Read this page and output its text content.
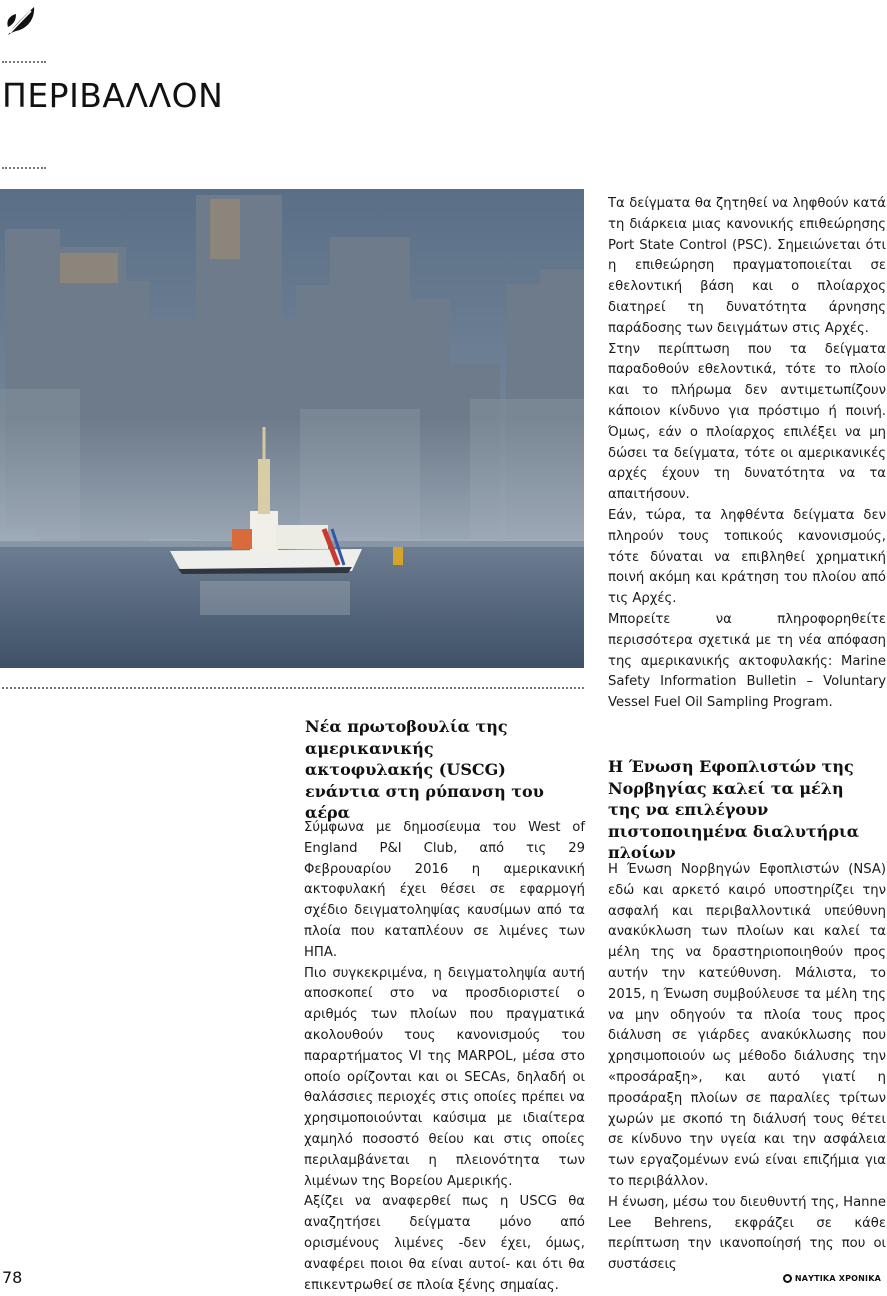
ΠΕΡΙΒΑΛΛΟΝ
Νέα πρωτοβουλία της αμερικανικής ακτοφυλακής (USCG) ενάντια στη ρύπανση του αέρα

Σύμφωνα με δημοσίευμα του West of England P&I Club, από τις 29 Φεβρουαρίου 2016 η αμερικανική ακτοφυλακή έχει θέσει σε εφαρμογή σχέδιο δειγματοληψίας καυσίμων από τα πλοία που καταπλέουν σε λιμένες των ΗΠΑ.

Πιο συγκεκριμένα, η δειγματοληψία αυτή αποσκοπεί στο να προσδιοριστεί ο αριθμός των πλοίων που πραγματικά ακολουθούν τους κανονισμούς του παραρτήματος VI της MARPOL, μέσα στο οποίο ορίζονται και οι SECAs, δηλαδή οι θαλάσσιες περιοχές στις οποίες πρέπει να χρησιμοποιούνται καύσιμα με ιδιαίτερα χαμηλό ποσοστό θείου και στις οποίες περιλαμβάνεται η πλειονότητα των λιμένων της Βορείου Αμερικής.

Αξίζει να αναφερθεί πως η USCG θα αναζητήσει δείγματα μόνο από ορισμένους λιμένες -δεν έχει, όμως, αναφέρει ποιοι θα είναι αυτοί- και ότι θα επικεντρωθεί σε πλοία ξένης σημαίας.

Τα δείγματα θα ζητηθεί να ληφθούν κατά τη διάρκεια μιας κανονικής επιθεώρησης Port State Control (PSC). Σημειώνεται ότι η επιθεώρηση πραγματοποιείται σε εθελοντική βάση και ο πλοίαρχος διατηρεί τη δυνατότητα άρνησης παράδοσης των δειγμάτων στις Αρχές.

Στην περίπτωση που τα δείγματα παραδοθούν εθελοντικά, τότε το πλοίο και το πλήρωμα δεν αντιμετωπίζουν κάποιον κίνδυνο για πρόστιμο ή ποινή. Όμως, εάν ο πλοίαρχος επιλέξει να μη δώσει τα δείγματα, τότε οι αμερικανικές αρχές έχουν τη δυνατότητα να τα απαιτήσουν.

Εάν, τώρα, τα ληφθέντα δείγματα δεν πληρούν τους τοπικούς κανονισμούς, τότε δύναται να επιβληθεί χρηματική ποινή ακόμη και κράτηση του πλοίου από τις Αρχές.

Μπορείτε να πληροφορηθείτε περισσότερα σχετικά με τη νέα απόφαση της αμερικανικής ακτοφυλακής: Marine Safety Information Bulletin – Voluntary Vessel Fuel Oil Sampling Program.

Η Ένωση Εφοπλιστών της Νορβηγίας καλεί τα μέλη της να επιλέγουν πιστοποιημένα διαλυτήρια πλοίων

Η Ένωση Νορβηγών Εφοπλιστών (NSA) εδώ και αρκετό καιρό υποστηρίζει την ασφαλή και περιβαλλοντικά υπεύθυνη ανακύκλωση των πλοίων και καλεί τα μέλη της να δραστηριοποιηθούν προς αυτήν την κατεύθυνση. Μάλιστα, το 2015, η Ένωση συμβούλευσε τα μέλη της να μην οδηγούν τα πλοία τους προς διάλυση σε γιάρδες ανακύκλωσης που χρησιμοποιούν ως μέθοδο διάλυσης την «προσάραξη», και αυτό γιατί η προσάραξη πλοίων σε παραλίες τρίτων χωρών με σκοπό τη διάλυσή τους θέτει σε κίνδυνο την υγεία και την ασφάλεια των εργαζομένων ενώ είναι επιζήμια για το περιβάλλον.

Η ένωση, μέσω του διευθυντή της, Hanne Lee Behrens, εκφράζει σε κάθε περίπτωση την ικανοποίησή της που οι συστάσεις

78	ΝΑΥΤΙΚΑ ΧΡΟΝΙΚΑ
